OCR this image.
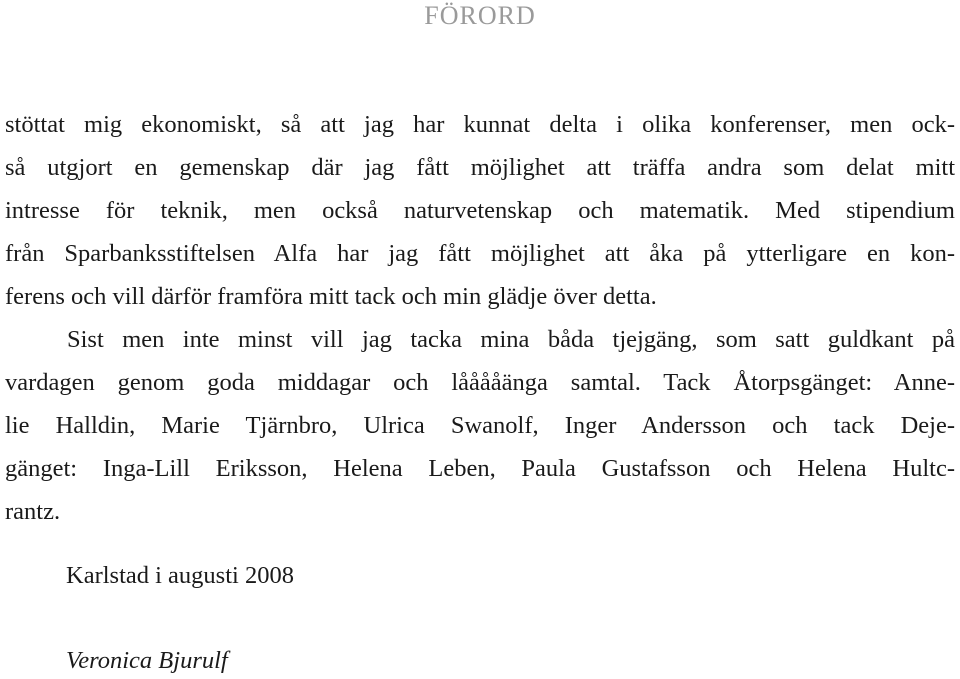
FÖRORD
stöttat mig ekonomiskt, så att jag har kunnat delta i olika konferenser, men ock-
så utgjort en gemenskap där jag fått möjlighet att träffa andra som delat mitt
intresse för teknik, men också naturvetenskap och matematik. Med stipendium
från Sparbanksstiftelsen Alfa har jag fått möjlighet att åka på ytterligare en kon-
ferens och vill därför framföra mitt tack och min glädje över detta.
Sist men inte minst vill jag tacka mina båda tjejgäng, som satt guldkant på
vardagen genom goda middagar och lååååänga samtal. Tack Åtorpsgänget: Anne-
lie Halldin, Marie Tjärnbro, Ulrica Swanolf, Inger Andersson och tack Deje-
gänget: Inga-Lill Eriksson, Helena Leben, Paula Gustafsson och Helena Hultc-
rantz.
Karlstad i augusti 2008
Veronica Bjurulf
